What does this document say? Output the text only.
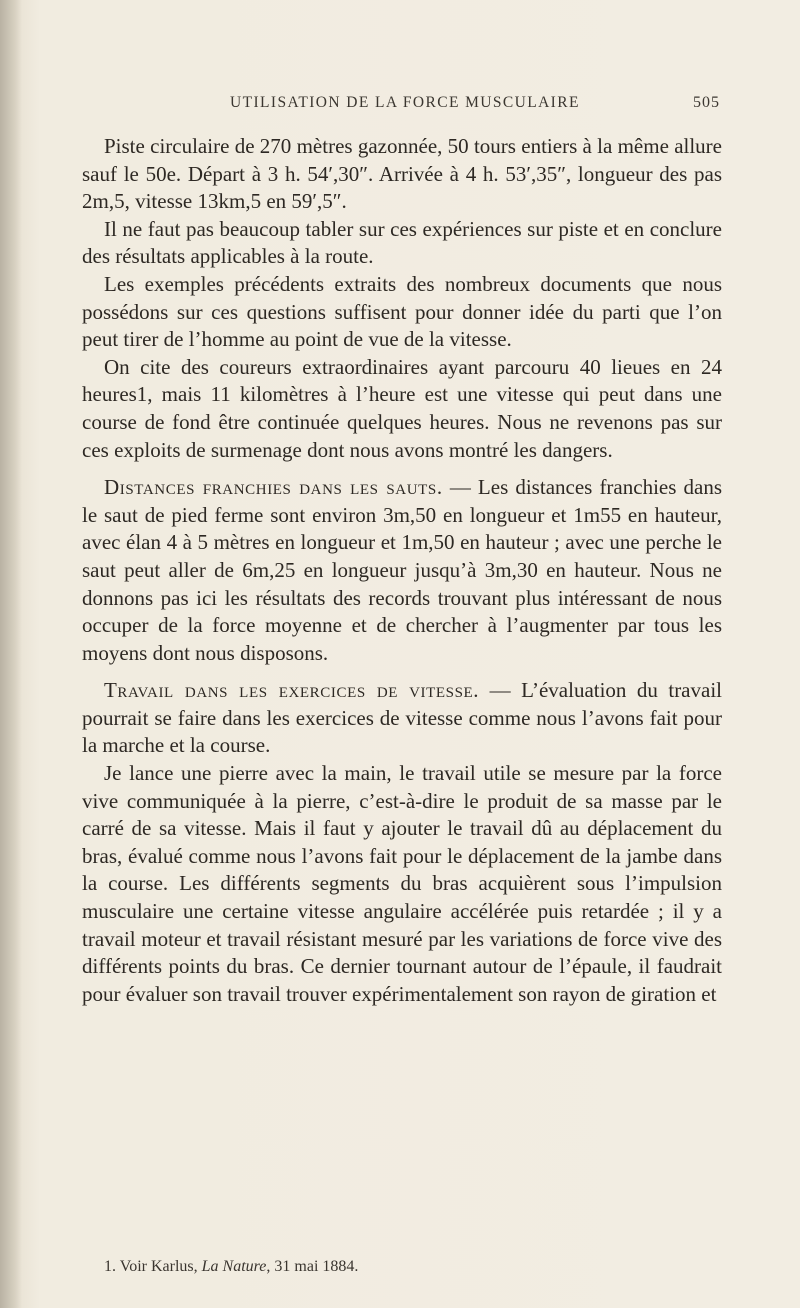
UTILISATION DE LA FORCE MUSCULAIRE	505

Piste circulaire de 270 mètres gazonnée, 50 tours entiers à la même allure sauf le 50e. Départ à 3 h. 54′,30″. Arrivée à 4 h. 53′,35″, longueur des pas 2m,5, vitesse 13km,5 en 59′,5″.

Il ne faut pas beaucoup tabler sur ces expériences sur piste et en conclure des résultats applicables à la route.

Les exemples précédents extraits des nombreux documents que nous possédons sur ces questions suffisent pour donner idée du parti que l’on peut tirer de l’homme au point de vue de la vitesse.

On cite des coureurs extraordinaires ayant parcouru 40 lieues en 24 heures1, mais 11 kilomètres à l’heure est une vitesse qui peut dans une course de fond être continuée quelques heures. Nous ne revenons pas sur ces exploits de surmenage dont nous avons montré les dangers.

Distances franchies dans les sauts. — Les distances franchies dans le saut de pied ferme sont environ 3m,50 en longueur et 1m55 en hauteur, avec élan 4 à 5 mètres en longueur et 1m,50 en hauteur ; avec une perche le saut peut aller de 6m,25 en longueur jusqu’à 3m,30 en hauteur. Nous ne donnons pas ici les résultats des records trouvant plus intéressant de nous occuper de la force moyenne et de chercher à l’augmenter par tous les moyens dont nous disposons.

Travail dans les exercices de vitesse. — L’évaluation du travail pourrait se faire dans les exercices de vitesse comme nous l’avons fait pour la marche et la course.

Je lance une pierre avec la main, le travail utile se mesure par la force vive communiquée à la pierre, c’est-à-dire le produit de sa masse par le carré de sa vitesse. Mais il faut y ajouter le travail dû au déplacement du bras, évalué comme nous l’avons fait pour le déplacement de la jambe dans la course. Les différents segments du bras acquièrent sous l’impulsion musculaire une certaine vitesse angulaire accélérée puis retardée ; il y a travail moteur et travail résistant mesuré par les variations de force vive des différents points du bras. Ce dernier tournant autour de l’épaule, il faudrait pour évaluer son travail trouver expérimentalement son rayon de giration et

1. Voir Karlus, La Nature, 31 mai 1884.
